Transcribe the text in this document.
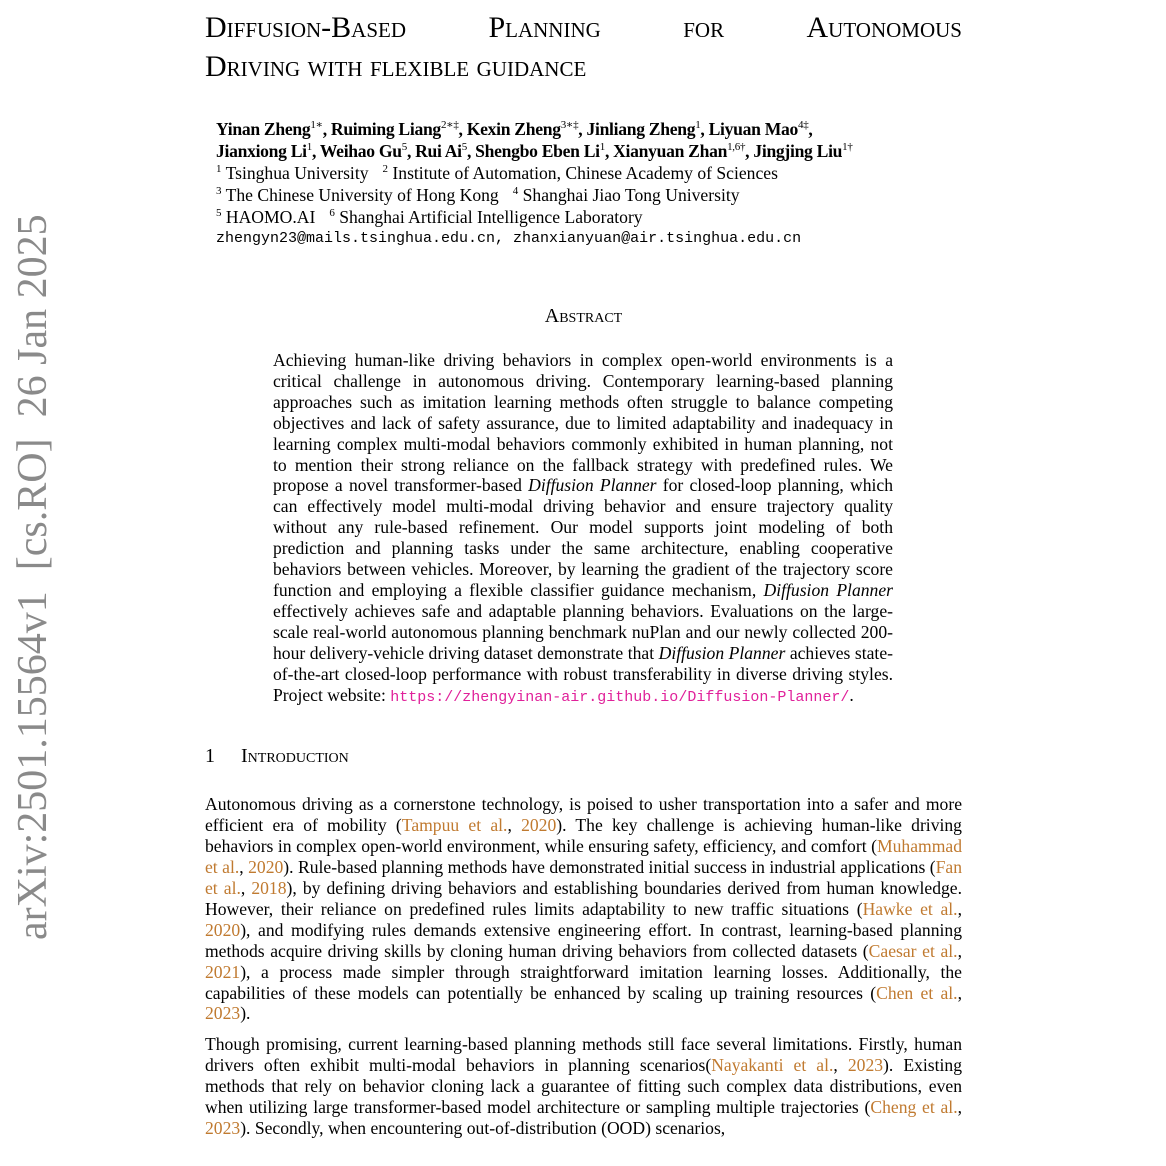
arXiv:2501.15564v1  [cs.RO]  26 Jan 2025
Diffusion-Based	Planning	for	Autonomous
Driving with flexible guidance
Yinan Zheng$^{1∗}$, Ruiming Liang$^{2∗\ddagger}$, Kexin Zheng$^{3∗\ddagger}$, Jinliang Zheng$^1$, Liyuan Mao$^{4\ddagger}$,
Jianxiong Li$^1$, Weihao Gu$^5$, Rui Ai$^5$, Shengbo Eben Li$^1$, Xianyuan Zhan$^{1,6\dagger}$, Jingjing Liu$^{1\dagger}$
$^1$ Tsinghua University $^2$ Institute of Automation, Chinese Academy of Sciences
$^3$ The Chinese University of Hong Kong $^4$ Shanghai Jiao Tong University
$^5$ HAOMO.AI $^6$ Shanghai Artificial Intelligence Laboratory
zhengyn23@mails.tsinghua.edu.cn, zhanxianyuan@air.tsinghua.edu.cn
Abstract
Achieving human-like driving behaviors in complex open-world environments is a critical challenge in autonomous driving. Contemporary learning-based planning approaches such as imitation learning methods often struggle to balance competing objectives and lack of safety assurance, due to limited adaptability and inadequacy in learning complex multi-modal behaviors commonly exhibited in human planning, not to mention their strong reliance on the fallback strategy with predefined rules. We propose a novel transformer-based Diffusion Planner for closed-loop planning, which can effectively model multi-modal driving behavior and ensure trajectory quality without any rule-based refinement. Our model supports joint modeling of both prediction and planning tasks under the same architecture, enabling cooperative behaviors between vehicles. Moreover, by learning the gradient of the trajectory score function and employing a flexible classifier guidance mechanism, Diffusion Planner effectively achieves safe and adaptable planning behaviors. Evaluations on the large-scale real-world autonomous planning benchmark nuPlan and our newly collected 200-hour delivery-vehicle driving dataset demonstrate that Diffusion Planner achieves state-of-the-art closed-loop performance with robust transferability in diverse driving styles. Project website: https://zhengyinan-air.github.io/Diffusion-Planner/.
1 Introduction
Autonomous driving as a cornerstone technology, is poised to usher transportation into a safer and more efficient era of mobility (Tampuu et al., 2020). The key challenge is achieving human-like driving behaviors in complex open-world environment, while ensuring safety, efficiency, and comfort (Muhammad et al., 2020). Rule-based planning methods have demonstrated initial success in industrial applications (Fan et al., 2018), by defining driving behaviors and establishing boundaries derived from human knowledge. However, their reliance on predefined rules limits adaptability to new traffic situations (Hawke et al., 2020), and modifying rules demands extensive engineering effort. In contrast, learning-based planning methods acquire driving skills by cloning human driving behaviors from collected datasets (Caesar et al., 2021), a process made simpler through straightforward imitation learning losses. Additionally, the capabilities of these models can potentially be enhanced by scaling up training resources (Chen et al., 2023).
Though promising, current learning-based planning methods still face several limitations. Firstly, human drivers often exhibit multi-modal behaviors in planning scenarios(Nayakanti et al., 2023). Existing methods that rely on behavior cloning lack a guarantee of fitting such complex data distributions, even when utilizing large transformer-based model architecture or sampling multiple trajectories (Cheng et al., 2023). Secondly, when encountering out-of-distribution (OOD) scenarios,
